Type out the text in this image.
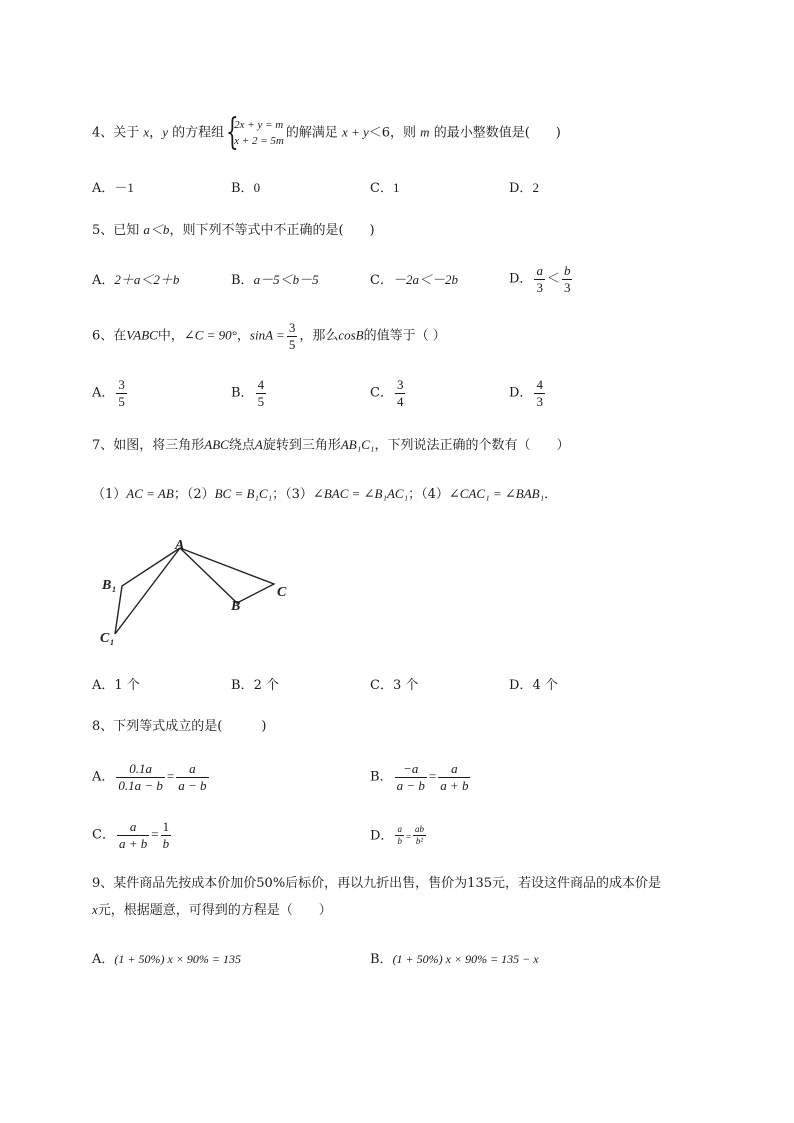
4、关于 x，y 的方程组 {
2x + y = m
x + 2 = 5m
的解满足 x + y＜6，则 m 的最小整数值是(　　)
A．－1	B．0	C．1	D．2
5、已知 a＜b，则下列不等式中不正确的是(　　)
A．2＋a＜2＋b	B．a－5＜b－5	C．－2a＜－2b	D． $\frac{a}{3} < \frac{b}{3}$
6、在VABC中，∠C = 90°，$\sin A = \frac{3}{5}$ ，那么cosB的值等于（ ）
A． $\frac{3}{5}$	B． $\frac{4}{5}$	C． $\frac{3}{4}$	D． $\frac{4}{3}$
7、如图，将三角形ABC绕点A旋转到三角形AB₁C₁，下列说法正确的个数有（　　）
（1）AC = AB；（2）BC = B₁C₁；（3）∠BAC = ∠B₁AC₁；（4）∠CAC₁ = ∠BAB₁．
A
B
C
B 1
C 1
A．1 个	B．2 个	C．3 个	D．4 个
8、下列等式成立的是(　　　)
A． $\frac{0.1a}{0.1a - b} = \frac{a}{a - b}$	B． $\frac{-a}{a - b} = \frac{a}{a + b}$
C． $\frac{a}{a + b} = \frac{1}{b}$	D． $\frac{a}{b} = \frac{ab}{\text{b²}}$
9、某件商品先按成本价加价50%后标价，再以九折出售，售价为135元，若设这件商品的成本价是
x元，根据题意，可得到的方程是（　　）
A．(1 + 50%) x × 90% = 135	B．(1 + 50%) x × 90% = 135 − x
